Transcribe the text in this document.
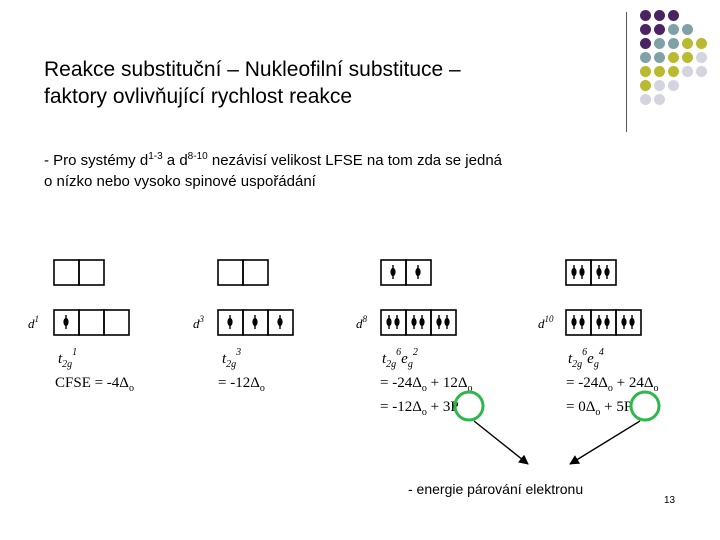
Reakce substituční – Nukleofilní substituce –
faktory ovlivňující rychlost reakce
- Pro systémy $d^{1-3}$ a $d^{8-10}$ nezávisí velikost LFSE na tom zda se jedná
o nízko nebo vysoko spinové uspořádání
$d^1$	$d^3$	$d^8$	$d^{10}$
$t_{2g}^1$
CFSE = $-4\Delta_o$
$t_{2g}^3$
= $-12\Delta_o$
$t_{2g}^6e_g^2$
= $-24\Delta_o + 12\Delta_o$
= $-12\Delta_o + 3P$
$t_{2g}^6e_g^4$
= $-24\Delta_o + 24\Delta_o$
= $0\Delta_o + 5P$
- energie párování elektronu
13
